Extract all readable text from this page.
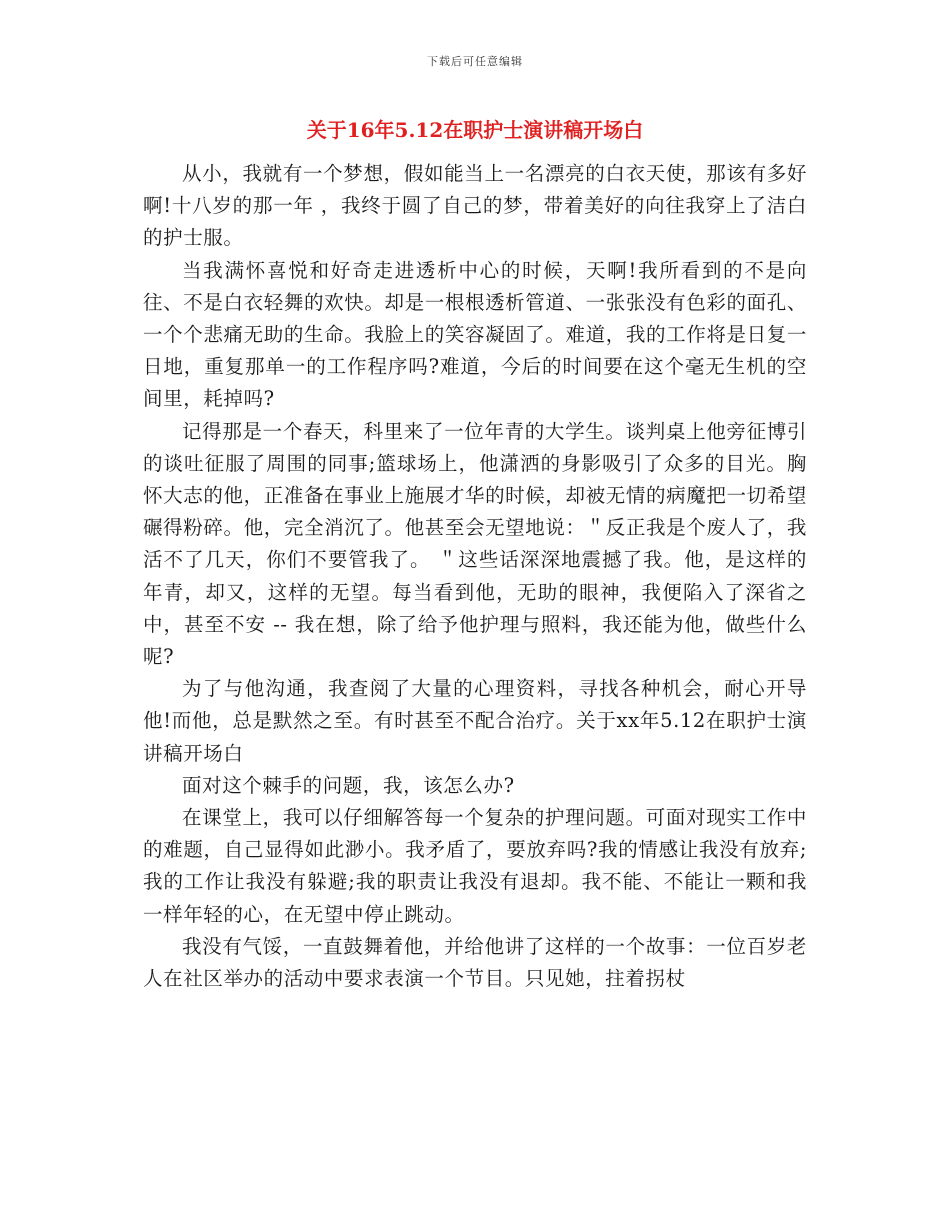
下载后可任意编辑
关于16年5.12在职护士演讲稿开场白

从小，我就有一个梦想，假如能当上一名漂亮的白衣天使，那该有多好啊!十八岁的那一年 ，我终于圆了自己的梦，带着美好的向往我穿上了洁白的护士服。

当我满怀喜悦和好奇走进透析中心的时候，天啊!我所看到的不是向往、不是白衣轻舞的欢快。却是一根根透析管道、一张张没有色彩的面孔、一个个悲痛无助的生命。我脸上的笑容凝固了。难道，我的工作将是日复一日地，重复那单一的工作程序吗?难道，今后的时间要在这个毫无生机的空间里，耗掉吗?

记得那是一个春天，科里来了一位年青的大学生。谈判桌上他旁征博引的谈吐征服了周围的同事;篮球场上，他潇洒的身影吸引了众多的目光。胸怀大志的他，正准备在事业上施展才华的时候，却被无情的病魔把一切希望碾得粉碎。他，完全消沉了。他甚至会无望地说：＂反正我是个废人了，我活不了几天，你们不要管我了。 ＂这些话深深地震撼了我。他，是这样的年青，却又，这样的无望。每当看到他，无助的眼神，我便陷入了深省之中，甚至不安 -- 我在想，除了给予他护理与照料，我还能为他，做些什么呢?

为了与他沟通，我查阅了大量的心理资料，寻找各种机会，耐心开导他!而他，总是默然之至。有时甚至不配合治疗。关于xx年5.12在职护士演讲稿开场白

面对这个棘手的问题，我，该怎么办?

在课堂上，我可以仔细解答每一个复杂的护理问题。可面对现实工作中的难题，自己显得如此渺小。我矛盾了，要放弃吗?我的情感让我没有放弃;我的工作让我没有躲避;我的职责让我没有退却。我不能、不能让一颗和我一样年轻的心，在无望中停止跳动。

我没有气馁，一直鼓舞着他，并给他讲了这样的一个故事：一位百岁老人在社区举办的活动中要求表演一个节目。只见她，拄着拐杖
